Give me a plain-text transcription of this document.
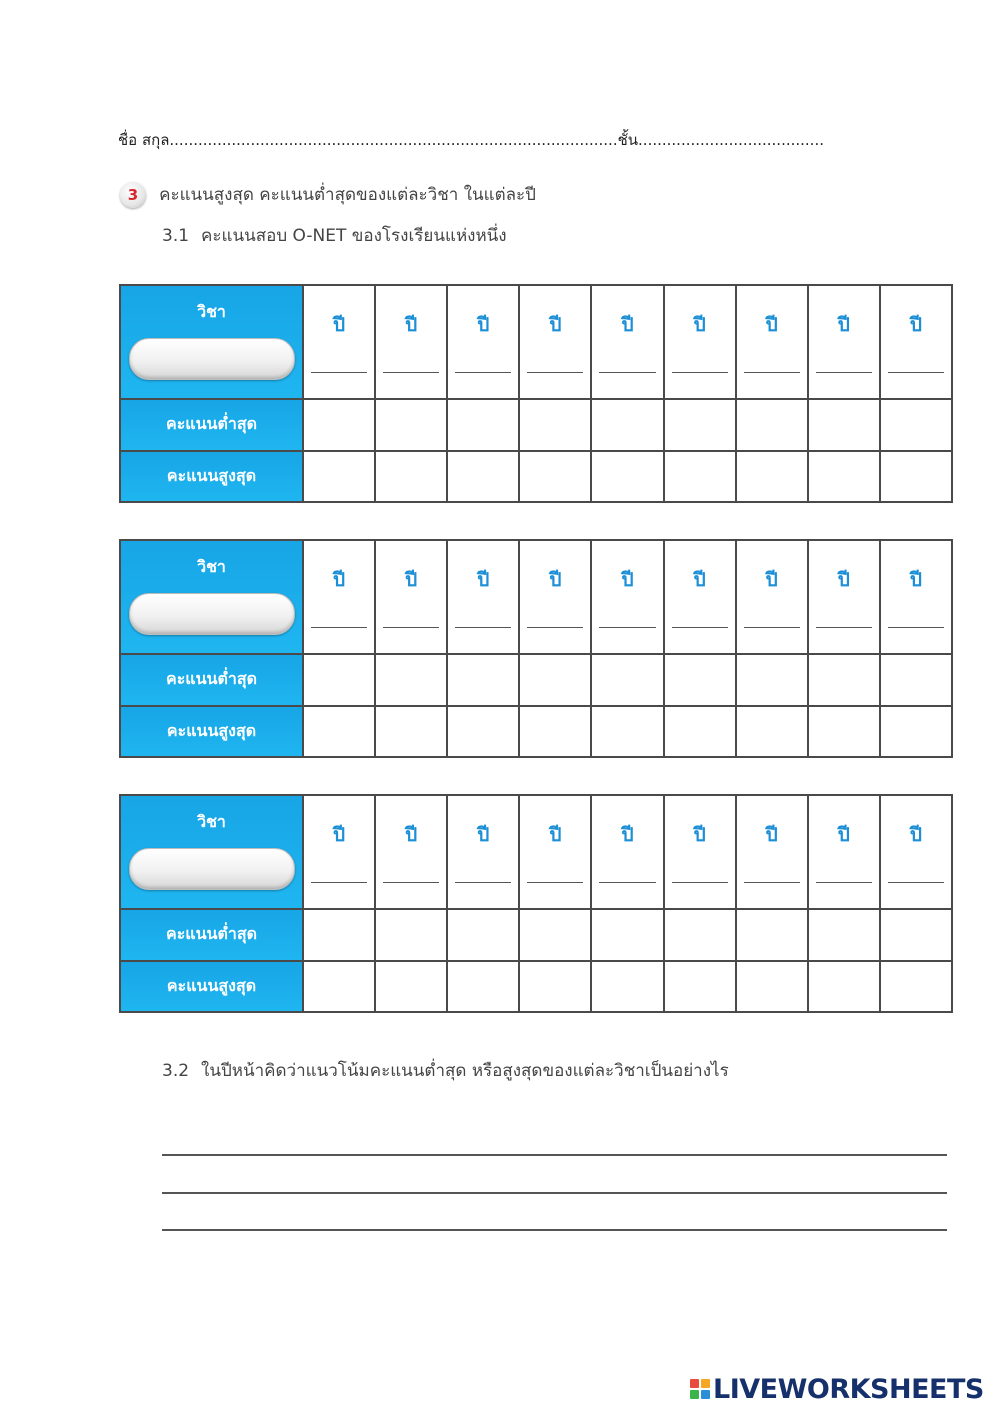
ชื่อ สกุล..............................................................................................ชั้น.......................................
3 คะแนนสูงสุด คะแนนต่ำสุดของแต่ละวิชา ในแต่ละปี
3.1 คะแนนสอบ O-NET ของโรงเรียนแห่งหนึ่ง
วิชา	ปี	ปี	ปี	ปี	ปี	ปี	ปี	ปี	ปี

คะแนนต่ำสุด									
คะแนนสูงสุด									
วิชา	ปี	ปี	ปี	ปี	ปี	ปี	ปี	ปี	ปี

คะแนนต่ำสุด									
คะแนนสูงสุด									
วิชา	ปี	ปี	ปี	ปี	ปี	ปี	ปี	ปี	ปี

คะแนนต่ำสุด									
คะแนนสูงสุด									
3.2 ในปีหน้าคิดว่าแนวโน้มคะแนนต่ำสุด หรือสูงสุดของแต่ละวิชาเป็นอย่างไร
LIVEWORKSHEETS
